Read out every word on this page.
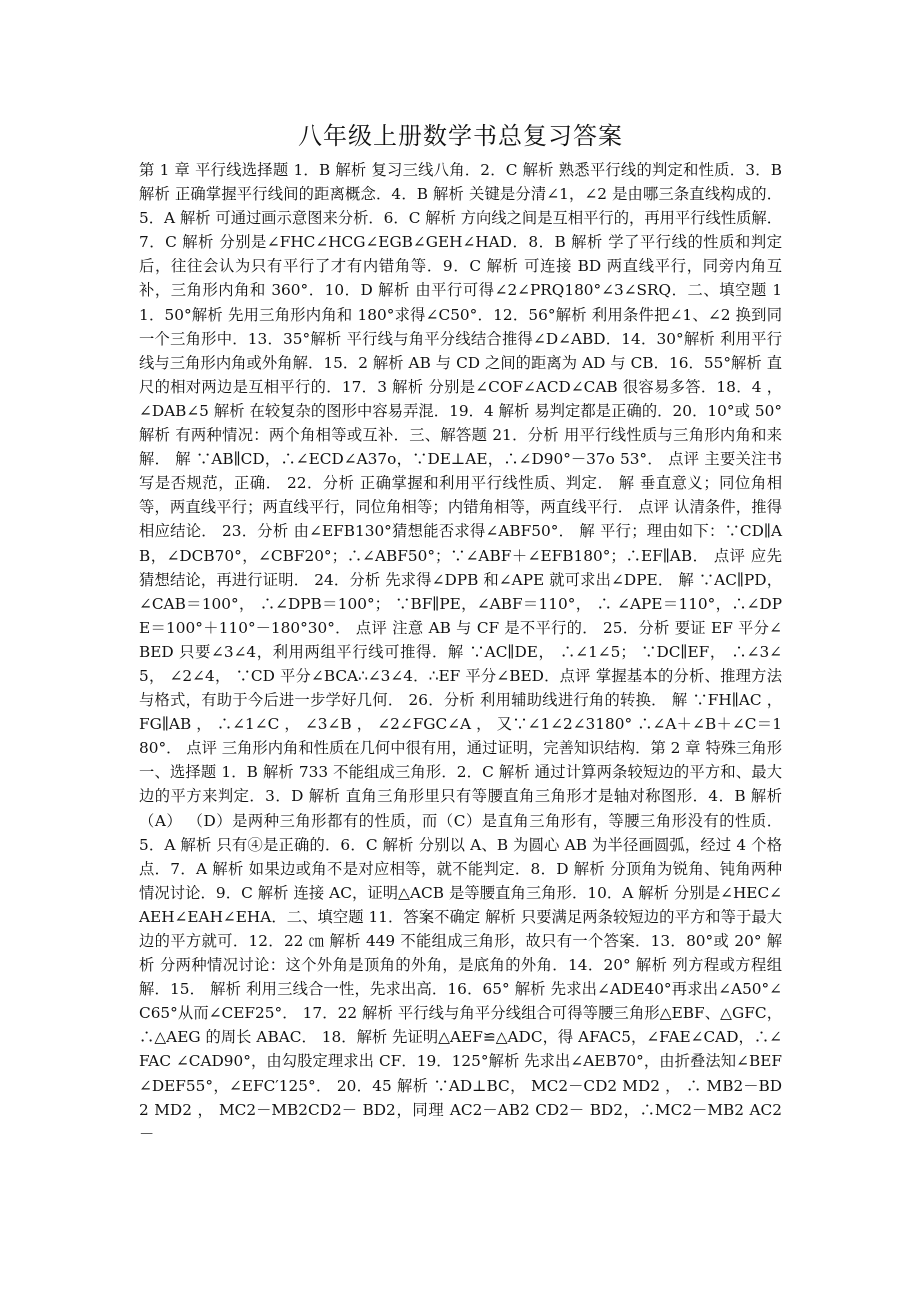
八年级上册数学书总复习答案
第 1 章 平行线选择题 1．B 解析 复习三线八角．2．C 解析 熟悉平行线的判定和性质．3．B 解析 正确掌握平行线间的距离概念．4．B 解析 关键是分清∠1，∠2 是由哪三条直线构成的．5．A 解析 可通过画示意图来分析．6．C 解析 方向线之间是互相平行的，再用平行线性质解．7．C 解析 分别是∠FHC∠HCG∠EGB∠GEH∠HAD．8．B 解析 学了平行线的性质和判定后，往往会认为只有平行了才有内错角等．9．C 解析 可连接 BD 两直线平行，同旁内角互补，三角形内角和 360°．10．D 解析 由平行可得∠2∠PRQ180°∠3∠SRQ．二、填空题 11．50°解析 先用三角形内角和 180°求得∠C50°．12．56°解析 利用条件把∠1、∠2 换到同一个三角形中．13．35°解析 平行线与角平分线结合推得∠D∠ABD．14．30°解析 利用平行线与三角形内角或外角解．15．2 解析 AB 与 CD 之间的距离为 AD 与 CB．16．55°解析 直尺的相对两边是互相平行的．17．3 解析 分别是∠COF∠ACD∠CAB 很容易多答．18．4 ，∠DAB∠5 解析 在较复杂的图形中容易弄混．19．4 解析 易判定都是正确的．20．10°或 50°解析 有两种情况：两个角相等或互补．三、解答题 21．分析 用平行线性质与三角形内角和来解． 解 ∵AB∥CD，∴∠ECD∠A37o，∵DE⊥AE，∴∠D90°－37o 53°． 点评 主要关注书写是否规范，正确． 22．分析 正确掌握和利用平行线性质、判定． 解 垂直意义；同位角相等，两直线平行；两直线平行，同位角相等；内错角相等，两直线平行． 点评 认清条件，推得相应结论． 23．分析 由∠EFB130°猜想能否求得∠ABF50°． 解 平行；理由如下：∵CD∥AB，∠DCB70°，∠CBF20°；∴∠ABF50°；∵∠ABF＋∠EFB180°；∴EF∥AB． 点评 应先猜想结论，再进行证明． 24．分析 先求得∠DPB 和∠APE 就可求出∠DPE． 解 ∵AC∥PD， ∠CAB＝100°， ∴∠DPB＝100°； ∵BF∥PE，∠ABF＝110°， ∴ ∠APE＝110°，∴∠DPE＝100°＋110°－180°30°． 点评 注意 AB 与 CF 是不平行的． 25．分析 要证 EF 平分∠BED 只要∠3∠4，利用两组平行线可推得．解 ∵AC∥DE， ∴∠1∠5； ∵DC∥EF， ∴∠3∠5， ∠2∠4， ∵CD 平分∠BCA∴∠3∠4．∴EF 平分∠BED．点评 掌握基本的分析、推理方法与格式，有助于今后进一步学好几何． 26．分析 利用辅助线进行角的转换． 解 ∵FH∥AC ， FG∥AB ， ∴∠1∠C ， ∠3∠B ， ∠2∠FGC∠A ， 又∵∠1∠2∠3180° ∴∠A＋∠B＋∠C＝180°． 点评 三角形内角和性质在几何中很有用，通过证明，完善知识结构．第 2 章 特殊三角形一、选择题 1．B 解析 733 不能组成三角形．2．C 解析 通过计算两条较短边的平方和、最大边的平方来判定．3．D 解析 直角三角形里只有等腰直角三角形才是轴对称图形．4．B 解析 （A） （D）是两种三角形都有的性质，而（C）是直角三角形有，等腰三角形没有的性质．5．A 解析 只有④是正确的．6．C 解析 分别以 A、B 为圆心 AB 为半径画圆弧，经过 4 个格点．7．A 解析 如果边或角不是对应相等，就不能判定．8．D 解析 分顶角为锐角、钝角两种情况讨论．9．C 解析 连接 AC，证明△ACB 是等腰直角三角形．10．A 解析 分别是∠HEC∠AEH∠EAH∠EHA．二、填空题 11．答案不确定 解析 只要满足两条较短边的平方和等于最大边的平方就可．12．22 ㎝ 解析 449 不能组成三角形，故只有一个答案．13．80°或 20° 解析 分两种情况讨论：这个外角是顶角的外角，是底角的外角．14．20° 解析 列方程或方程组解．15． 解析 利用三线合一性，先求出高．16．65° 解析 先求出∠ADE40°再求出∠A50°∠C65°从而∠CEF25°． 17．22 解析 平行线与角平分线组合可得等腰三角形△EBF、△GFC，∴△AEG 的周长 ABAC． 18．解析 先证明△AEF≌△ADC，得 AFAC5，∠FAE∠CAD，∴∠FAC ∠CAD90°，由勾股定理求出 CF．19．125°解析 先求出∠AEB70°，由折叠法知∠BEF∠DEF55°，∠EFC′125°． 20．45 解析 ∵AD⊥BC， MC2－CD2 MD2 ， ∴ MB2－BD2 MD2 ， MC2－MB2CD2－ BD2，同理 AC2－AB2 CD2－ BD2，∴MC2－MB2 AC2－
